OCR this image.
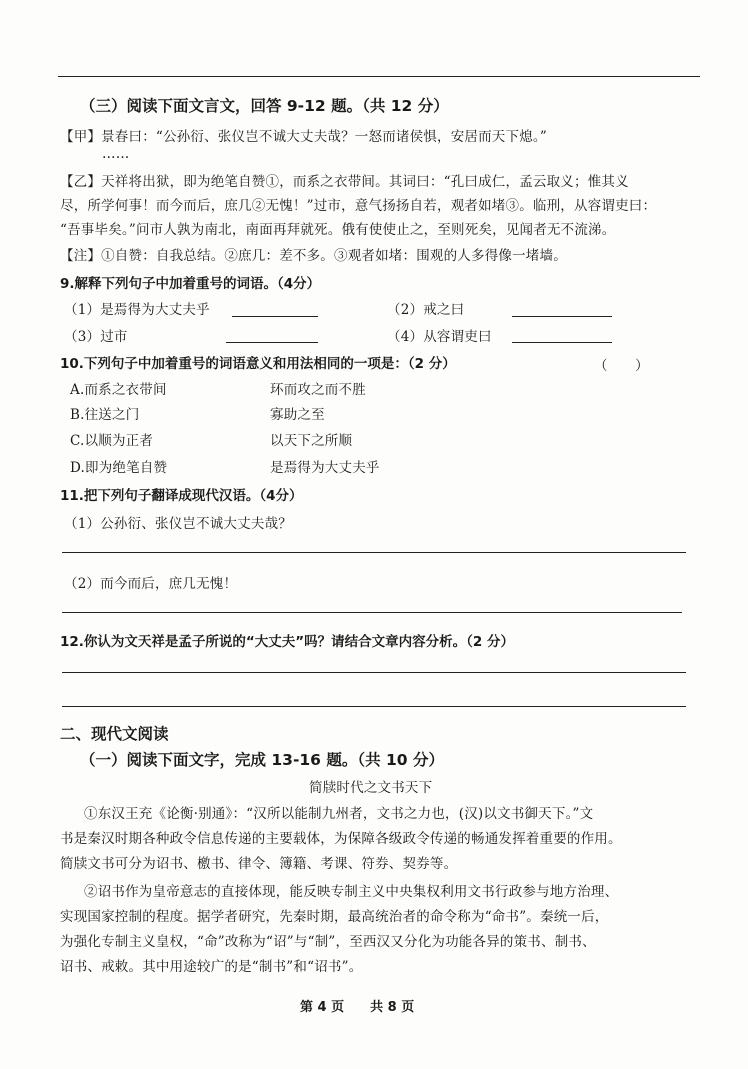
（三）阅读下面文言文，回答 9-12 题。（共 12 分）
【甲】景春曰：“公孙衍、张仪岂不诚大丈夫哉？一怒而诸侯惧，安居而天下熄。”
……
【乙】天祥将出狱，即为绝笔自赞①，而系之衣带间。其词曰：“孔曰成仁，孟云取义；惟其义
尽，所学何事！而今而后，庶几②无愧！”过市，意气扬扬自若，观者如堵③。临刑，从容谓吏曰：
“吾事毕矣。”问市人孰为南北，南面再拜就死。俄有使使止之，至则死矣，见闻者无不流涕。
【注】①自赞：自我总结。②庶几：差不多。③观者如堵：围观的人多得像一堵墙。
9.解释下列句子中加着重号的词语。（4分）
（1）是焉得为大丈夫乎	（2）戒之曰
（3）过市	（4）从容谓吏曰
10.下列句子中加着重号的词语意义和用法相同的一项是：（2 分）	（　　）
A.而系之衣带间	环而攻之而不胜
B.往送之门	寡助之至
C.以顺为正者	以天下之所顺
D.即为绝笔自赞	是焉得为大丈夫乎
11.把下列句子翻译成现代汉语。（4分）
（1）公孙衍、张仪岂不诚大丈夫哉？
（2）而今而后，庶几无愧！
12.你认为文天祥是孟子所说的“大丈夫”吗？请结合文章内容分析。（2 分）
二、现代文阅读
（一）阅读下面文字，完成 13-16 题。（共 10 分）
简牍时代之文书天下
①东汉王充《论衡·别通》：“汉所以能制九州者，文书之力也，(汉)以文书御天下。”文
书是秦汉时期各种政令信息传递的主要载体，为保障各级政令传递的畅通发挥着重要的作用。
简牍文书可分为诏书、檄书、律令、簿籍、考课、符券、契券等。
②诏书作为皇帝意志的直接体现，能反映专制主义中央集权利用文书行政参与地方治理、
实现国家控制的程度。据学者研究，先秦时期，最高统治者的命令称为“命书”。秦统一后，
为强化专制主义皇权，“命”改称为“诏”与“制”，至西汉又分化为功能各异的策书、制书、
诏书、戒敕。其中用途较广的是“制书”和“诏书”。
第 4 页　　共 8 页
